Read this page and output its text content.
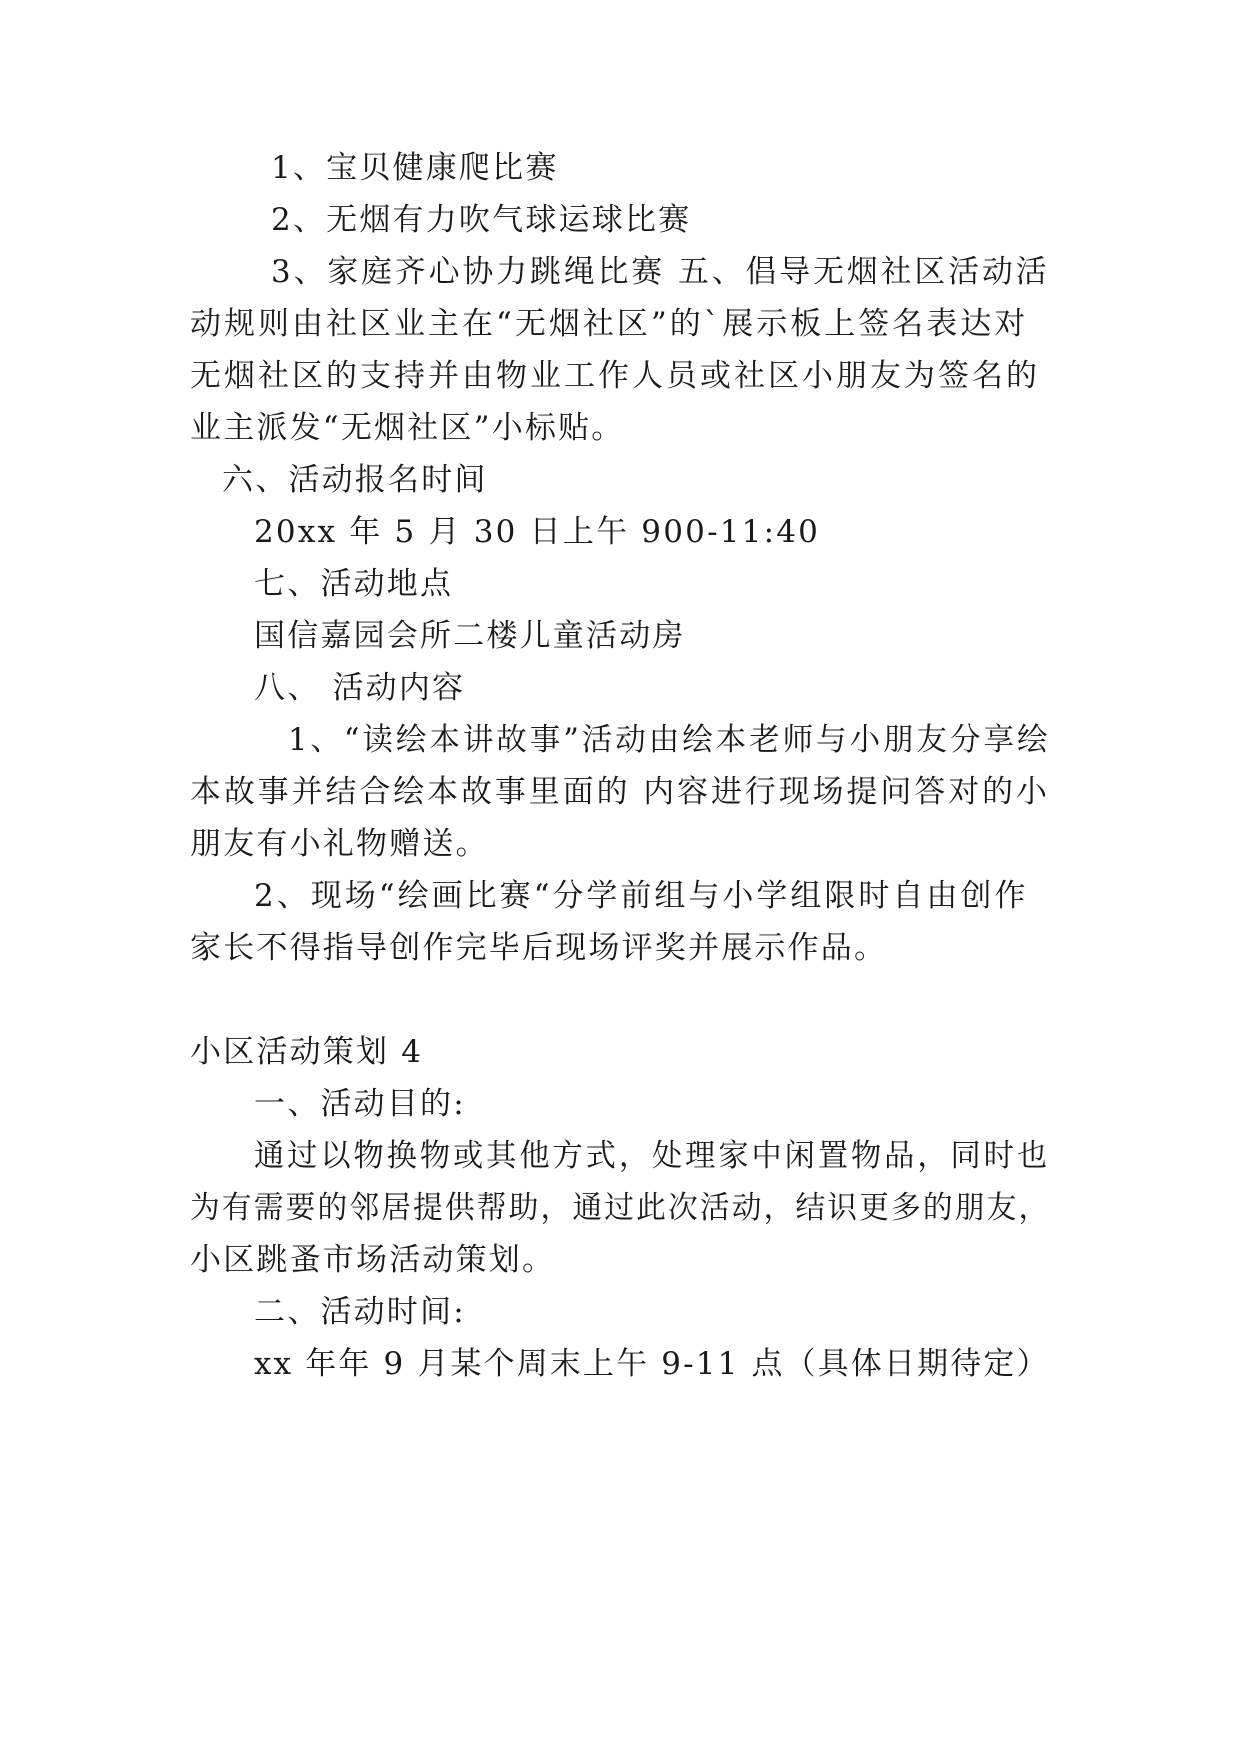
1、宝贝健康爬比赛
2、无烟有力吹气球运球比赛
3、家庭齐心协力跳绳比赛 五、倡导无烟社区活动活
动规则由社区业主在“无烟社区”的`展示板上签名表达对
无烟社区的支持并由物业工作人员或社区小朋友为签名的
业主派发“无烟社区”小标贴。
六、活动报名时间
20xx 年 5 月 30 日上午 900-11:40
七、活动地点
国信嘉园会所二楼儿童活动房
八、 活动内容
1、“读绘本讲故事”活动由绘本老师与小朋友分享绘
本故事并结合绘本故事里面的 内容进行现场提问答对的小
朋友有小礼物赠送。
2、现场“绘画比赛“分学前组与小学组限时自由创作
家长不得指导创作完毕后现场评奖并展示作品。
小区活动策划 4
一、活动目的:
通过以物换物或其他方式，处理家中闲置物品，同时也
为有需要的邻居提供帮助，通过此次活动，结识更多的朋友，
小区跳蚤市场活动策划。
二、活动时间:
xx 年年 9 月某个周末上午 9-11 点（具体日期待定）
